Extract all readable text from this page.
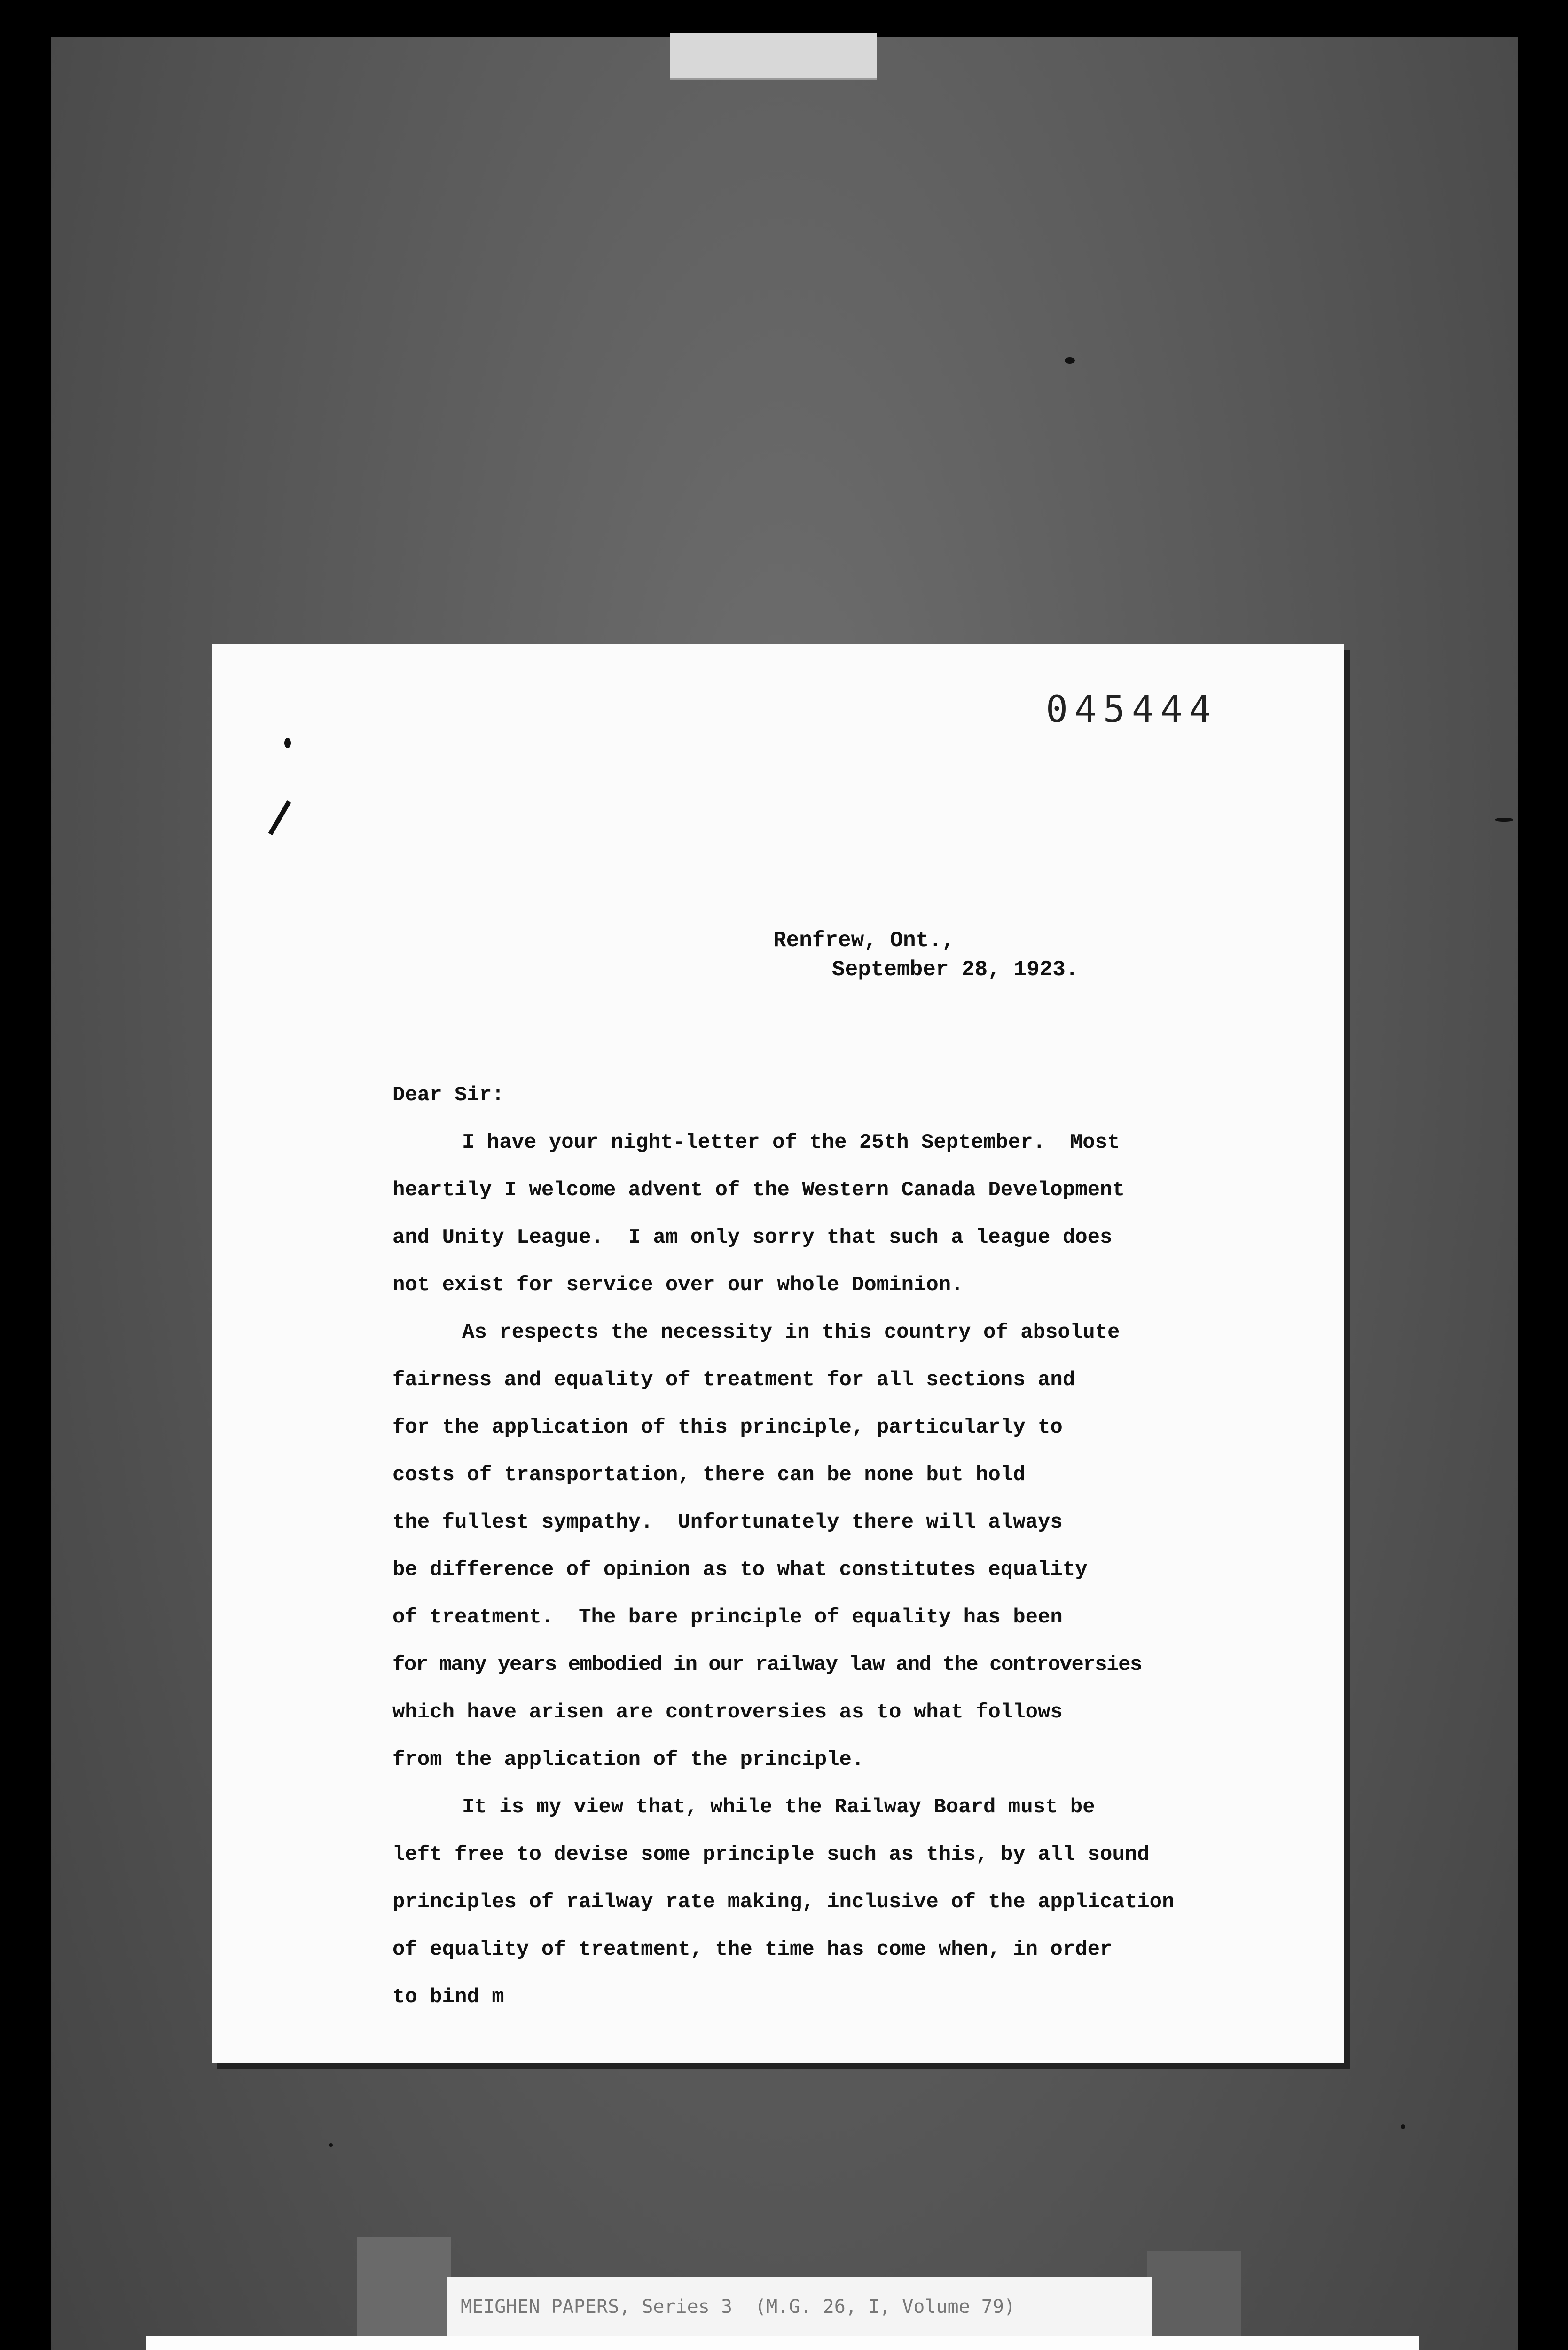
045444
Renfrew, Ont.,
September 28, 1923.
Dear Sir:
I have your night-letter of the 25th September.  Most
heartily I welcome advent of the Western Canada Development
and Unity League.  I am only sorry that such a league does
not exist for service over our whole Dominion.
As respects the necessity in this country of absolute
fairness and equality of treatment for all sections and
for the application of this principle, particularly to
costs of transportation, there can be none but hold
the fullest sympathy.  Unfortunately there will always
be difference of opinion as to what constitutes equality
of treatment.  The bare principle of equality has been
for many years embodied in our railway law and the controversies
which have arisen are controversies as to what follows
from the application of the principle.
It is my view that, while the Railway Board must be
left free to devise some principle such as this, by all sound
principles of railway rate making, inclusive of the application
of equality of treatment, the time has come when, in order
to bind m
MEIGHEN PAPERS, Series 3  (M.G. 26, I, Volume 79)
